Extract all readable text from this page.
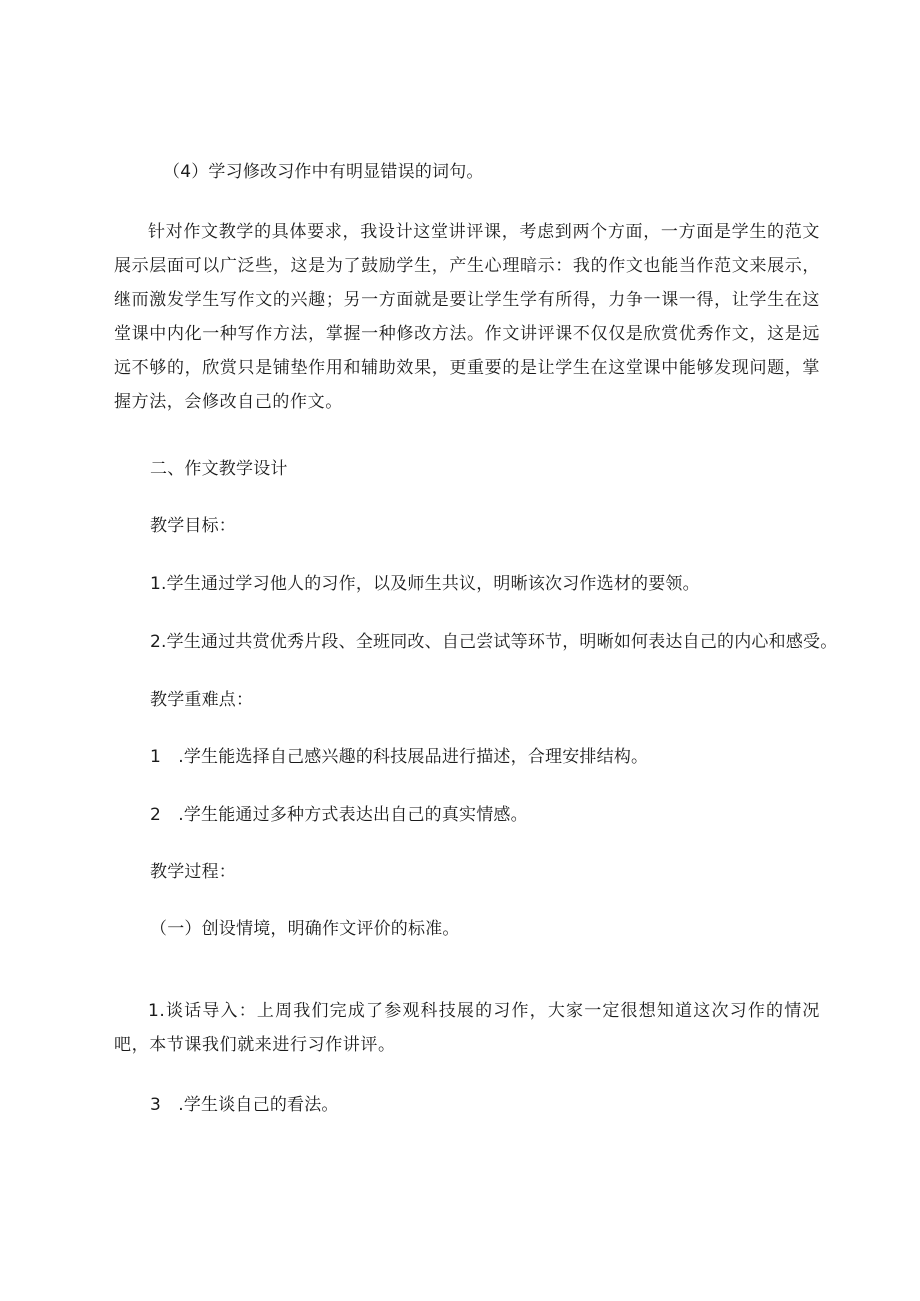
（4）学习修改习作中有明显错误的词句。
针对作文教学的具体要求，我设计这堂讲评课，考虑到两个方面，一方面是学生的范文展示层面可以广泛些，这是为了鼓励学生，产生心理暗示：我的作文也能当作范文来展示，继而激发学生写作文的兴趣；另一方面就是要让学生学有所得，力争一课一得，让学生在这堂课中内化一种写作方法，掌握一种修改方法。作文讲评课不仅仅是欣赏优秀作文，这是远远不够的，欣赏只是铺垫作用和辅助效果，更重要的是让学生在这堂课中能够发现问题，掌握方法，会修改自己的作文。
二、作文教学设计
教学目标：
1.学生通过学习他人的习作，以及师生共议，明晰该次习作选材的要领。
2.学生通过共赏优秀片段、全班同改、自己尝试等环节，明晰如何表达自己的内心和感受。
教学重难点：
1　.学生能选择自己感兴趣的科技展品进行描述，合理安排结构。
2　.学生能通过多种方式表达出自己的真实情感。
教学过程：
（一）创设情境，明确作文评价的标准。
1.谈话导入：上周我们完成了参观科技展的习作，大家一定很想知道这次习作的情况吧，本节课我们就来进行习作讲评。
3　.学生谈自己的看法。
